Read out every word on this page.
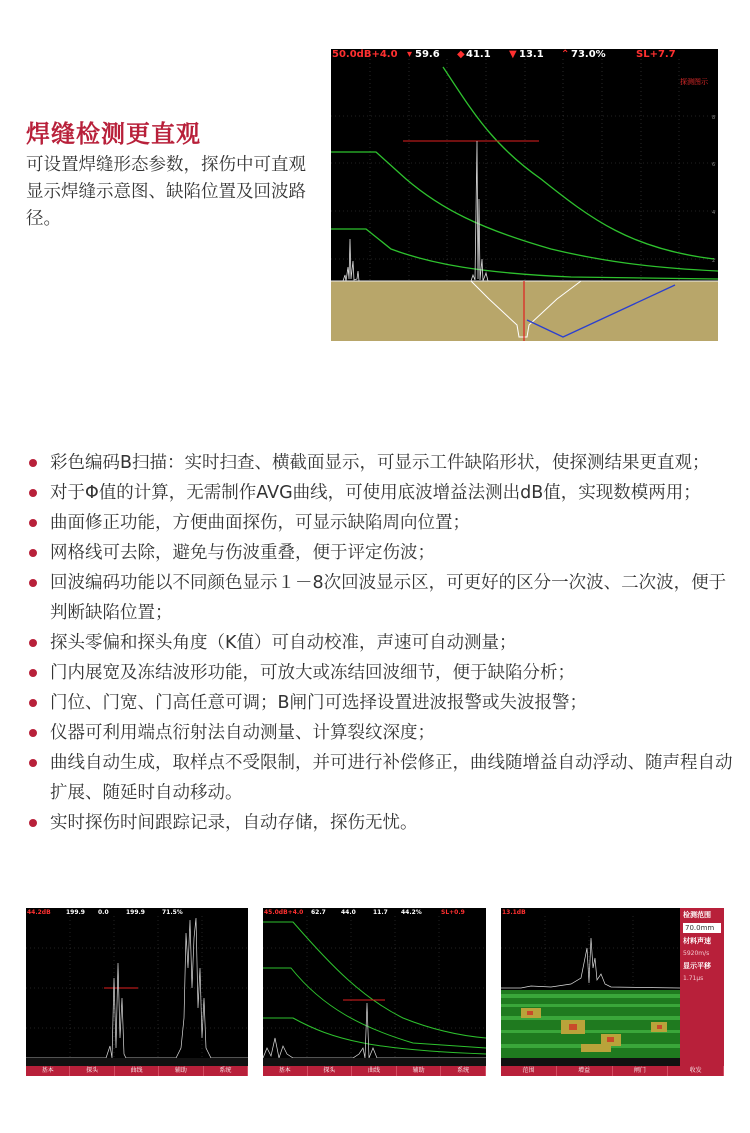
焊缝检测更直观
可设置焊缝形态参数，探伤中可直观显示焊缝示意图、缺陷位置及回波路径。
8
6
4
2
50.0dB+4.0 ▾ 59.6 ◆ 41.1 ▼ 13.1 ⌃ 73.0%	SL+7.7
探测图示
彩色编码B扫描：实时扫查、横截面显示，可显示工件缺陷形状，使探测结果更直观；
对于Φ值的计算，无需制作AVG曲线，可使用底波增益法测出dB值，实现数模两用；
曲面修正功能，方便曲面探伤，可显示缺陷周向位置；
网格线可去除，避免与伤波重叠，便于评定伤波；
回波编码功能以不同颜色显示１－8次回波显示区，可更好的区分一次波、二次波，便于判断缺陷位置；
探头零偏和探头角度（K值）可自动校准，声速可自动测量；
门内展宽及冻结波形功能，可放大或冻结回波细节，便于缺陷分析；
门位、门宽、门高任意可调；B闸门可选择设置进波报警或失波报警；
仪器可利用端点衍射法自动测量、计算裂纹深度；
曲线自动生成，取样点不受限制，并可进行补偿修正，曲线随增益自动浮动、随声程自动扩展、随延时自动移动。
实时探伤时间跟踪记录，自动存储，探伤无忧。
44.2dB	199.9 0.0	199.9	71.5%
基本	探头	曲线	辅助	系统
45.0dB+4.0 62.7	44.0	11.7 44.2%	SL+0.9
基本	探头	曲线	辅助	系统
13.1dB	检测范围
70.0mm
材料声速
5920m/s
显示平移
1.71μs
范围	增益	闸门	收发
